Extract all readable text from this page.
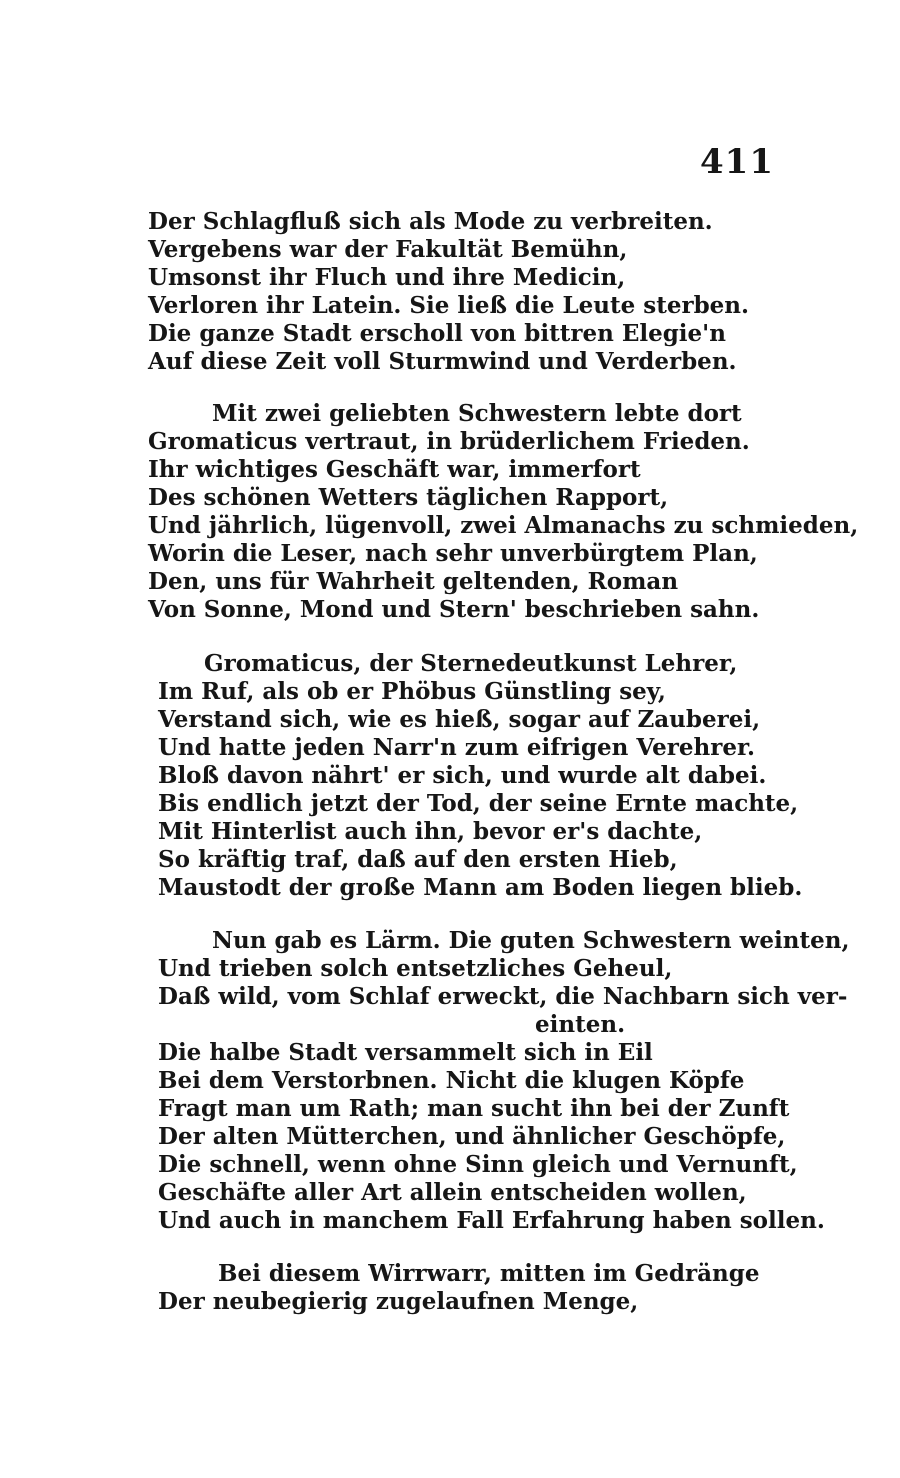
411
Der Schlagfluß sich als Mode zu verbreiten.
Vergebens war der Fakultät Bemühn,
Umsonst ihr Fluch und ihre Medicin,
Verloren ihr Latein. Sie ließ die Leute sterben.
Die ganze Stadt erscholl von bittren Elegie'n
Auf diese Zeit voll Sturmwind und Verderben.
Mit zwei geliebten Schwestern lebte dort
Gromaticus vertraut, in brüderlichem Frieden.
Ihr wichtiges Geschäft war, immerfort
Des schönen Wetters täglichen Rapport,
Und jährlich, lügenvoll, zwei Almanachs zu schmieden,
Worin die Leser, nach sehr unverbürgtem Plan,
Den, uns für Wahrheit geltenden, Roman
Von Sonne, Mond und Stern' beschrieben sahn.
Gromaticus, der Sternedeutkunst Lehrer,
Im Ruf, als ob er Phöbus Günstling sey,
Verstand sich, wie es hieß, sogar auf Zauberei,
Und hatte jeden Narr'n zum eifrigen Verehrer.
Bloß davon nährt' er sich, und wurde alt dabei.
Bis endlich jetzt der Tod, der seine Ernte machte,
Mit Hinterlist auch ihn, bevor er's dachte,
So kräftig traf, daß auf den ersten Hieb,
Maustodt der große Mann am Boden liegen blieb.
Nun gab es Lärm. Die guten Schwestern weinten,
Und trieben solch entsetzliches Geheul,
Daß wild, vom Schlaf erweckt, die Nachbarn sich ver-
einten.
Die halbe Stadt versammelt sich in Eil
Bei dem Verstorbnen. Nicht die klugen Köpfe
Fragt man um Rath; man sucht ihn bei der Zunft
Der alten Mütterchen, und ähnlicher Geschöpfe,
Die schnell, wenn ohne Sinn gleich und Vernunft,
Geschäfte aller Art allein entscheiden wollen,
Und auch in manchem Fall Erfahrung haben sollen.
Bei diesem Wirrwarr, mitten im Gedränge
Der neubegierig zugelaufnen Menge,
